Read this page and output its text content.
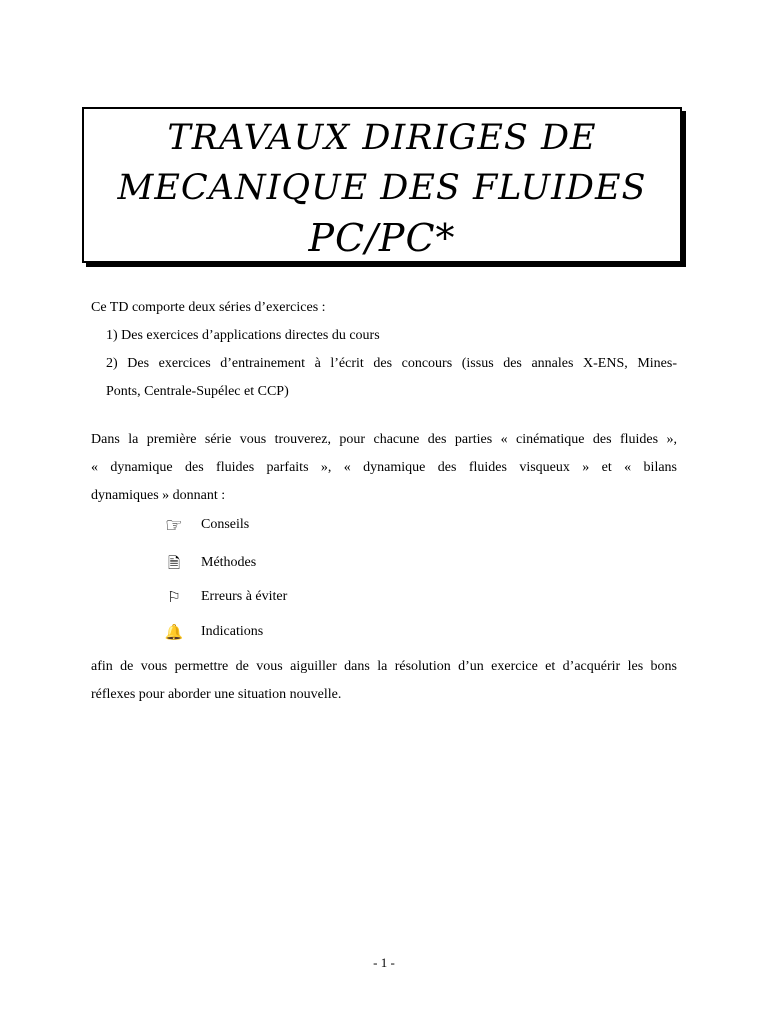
TRAVAUX DIRIGES DE
MECANIQUE DES FLUIDES
PC/PC*
Ce TD comporte deux séries d’exercices :
1) Des exercices d’applications directes du cours
2) Des exercices d’entrainement à l’écrit des concours (issus des annales X-ENS, Mines-
Ponts, Centrale-Supélec et CCP)
Dans la première série vous trouverez, pour chacune des parties « cinématique des fluides »,
« dynamique des fluides parfaits », « dynamique des fluides visqueux » et « bilans
dynamiques » donnant :
☞ Conseils
🗎	Méthodes
⚐	Erreurs à éviter
🔔 Indications
afin de vous permettre de vous aiguiller dans la résolution d’un exercice et d’acquérir les bons
réflexes pour aborder une situation nouvelle.
- 1 -
